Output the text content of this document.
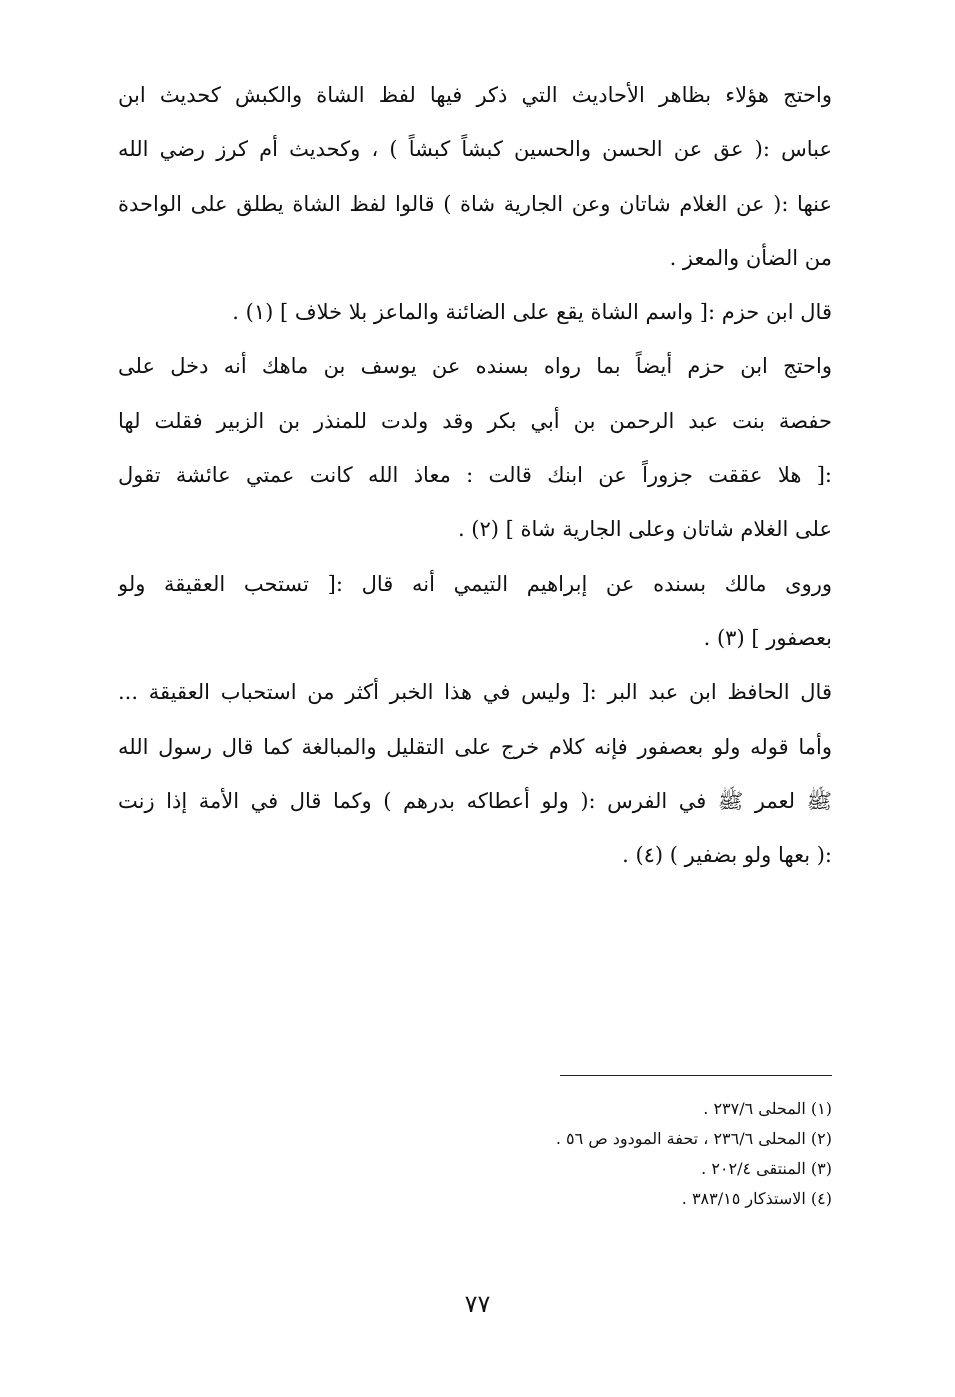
واحتج هؤلاء بظاهر الأحاديث التي ذكر فيها لفظ الشاة والكبش كحديث ابن
عباس :( عق عن الحسن والحسين كبشاً كبشاً ) ، وكحديث أم كرز رضي الله
عنها :( عن الغلام شاتان وعن الجارية شاة ) قالوا لفظ الشاة يطلق على الواحدة
من الضأن والمعز .
قال ابن حزم :[ واسم الشاة يقع على الضائنة والماعز بلا خلاف ] (١) .
واحتج ابن حزم أيضاً بما رواه بسنده عن يوسف بن ماهك أنه دخل على
حفصة بنت عبد الرحمن بن أبي بكر وقد ولدت للمنذر بن الزبير فقلت لها
:[ هلا عققت جزوراً عن ابنك قالت : معاذ الله كانت عمتي عائشة تقول
على الغلام شاتان وعلى الجارية شاة ] (٢) .
وروى مالك بسنده عن إبراهيم التيمي أنه قال :[ تستحب العقيقة ولو
بعصفور ] (٣) .
قال الحافظ ابن عبد البر :[ وليس في هذا الخبر أكثر من استحباب العقيقة ...
وأما قوله ولو بعصفور فإنه كلام خرج على التقليل والمبالغة كما قال رسول الله
ﷺ لعمر ﷺ في الفرس :( ولو أعطاكه بدرهم ) وكما قال في الأمة إذا زنت
:( بعها ولو بضفير ) (٤) .
(١) المحلى ٢٣٧/٦ .
(٢) المحلى ٢٣٦/٦ ، تحفة المودود ص ٥٦ .
(٣) المنتقى ٢٠٢/٤ .
(٤) الاستذكار ٣٨٣/١٥ .
٧٧
